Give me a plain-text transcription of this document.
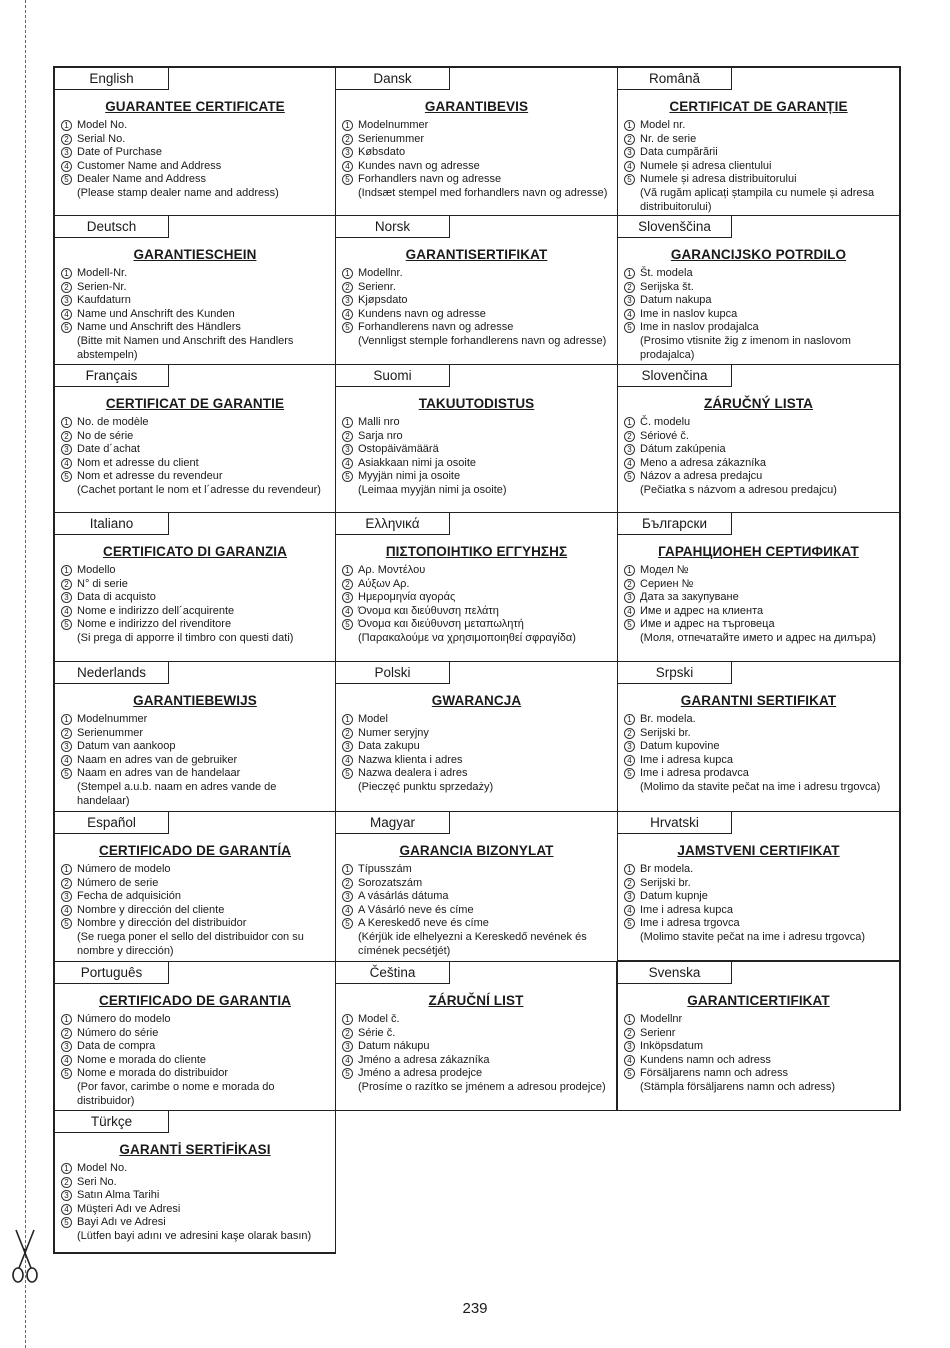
English
GUARANTEE CERTIFICATE
1 Model No.
2 Serial No.
3 Date of Purchase
4 Customer Name and Address
5 Dealer Name and Address
(Please stamp dealer name and address)
Dansk
GARANTIBEVIS
1 Modelnummer
2 Serienummer
3 Købsdato
4 Kundes navn og adresse
5 Forhandlers navn og adresse
(Indsæt stempel med forhandlers navn og adresse)
Română
CERTIFICAT DE GARANȚIE
1 Model nr.
2 Nr. de serie
3 Data cumpărării
4 Numele și adresa clientului
5 Numele și adresa distribuitorului
(Vă rugăm aplicați ștampila cu numele și adresa distribuitorului)
Deutsch
GARANTIESCHEIN
1 Modell-Nr.
2 Serien-Nr.
3 Kaufdaturn
4 Name und Anschrift des Kunden
5 Name und Anschrift des Händlers
(Bitte mit Namen und Anschrift des Handlers abstempeln)
Norsk
GARANTISERTIFIKAT
1 Modellnr.
2 Serienr.
3 Kjøpsdato
4 Kundens navn og adresse
5 Forhandlerens navn og adresse
(Vennligst stemple forhandlerens navn og adresse)
Slovenščina
GARANCIJSKO POTRDILO
1 Št. modela
2 Serijska št.
3 Datum nakupa
4 Ime in naslov kupca
5 Ime in naslov prodajalca
(Prosimo vtisnite žig z imenom in naslovom prodajalca)
Français
CERTIFICAT DE GARANTIE
1 No. de modèle
2 No de série
3 Date d´achat
4 Nom et adresse du client
5 Nom et adresse du revendeur
(Cachet portant le nom et l´adresse du revendeur)
Suomi
TAKUUTODISTUS
1 Malli nro
2 Sarja nro
3 Ostopäivämäärä
4 Asiakkaan nimi ja osoite
5 Myyjän nimi ja osoite
(Leimaa myyjän nimi ja osoite)
Slovenčina
ZÁRUČNÝ LISTA
1 Č. modelu
2 Sériové č.
3 Dátum zakúpenia
4 Meno a adresa zákazníka
5 Názov a adresa predajcu
(Pečiatka s názvom a adresou predajcu)
Italiano
CERTIFICATO DI GARANZIA
1 Modello
2 N° di serie
3 Data di acquisto
4 Nome e indirizzo dell´acquirente
5 Nome e indirizzo del rivenditore
(Si prega di apporre il timbro con questi dati)
Ελληνικά
ΠΙΣΤΟΠΟΙΗΤΙΚΟ ΕΓΓΥΗΣΗΣ
1 Αρ. Μοντέλου
2 Αύξων Αρ.
3 Ημερομηνία αγοράς
4 Όνομα και διεύθυνση πελάτη
5 Όνομα και διεύθυνση μεταπωλητή
(Παρακαλούμε να χρησιμοποιηθεί σφραγίδα)
Български
ГАРАНЦИОНЕН СЕРТИФИКАТ
1 Модел №
2 Сериен №
3 Дата за закупуване
4 Име и адрес на клиента
5 Име и адрес на търговеца
(Моля, отпечатайте името и адрес на дилъра)
Nederlands
GARANTIEBEWIJS
1 Modelnummer
2 Serienummer
3 Datum van aankoop
4 Naam en adres van de gebruiker
5 Naam en adres van de handelaar
(Stempel a.u.b. naam en adres vande de handelaar)
Polski
GWARANCJA
1 Model
2 Numer seryjny
3 Data zakupu
4 Nazwa klienta i adres
5 Nazwa dealera i adres
(Pieczęć punktu sprzedaży)
Srpski
GARANTNI SERTIFIKAT
1 Br. modela.
2 Serijski br.
3 Datum kupovine
4 Ime i adresa kupca
5 Ime i adresa prodavca
(Molimo da stavite pečat na ime i adresu trgovca)
Español
CERTIFICADO DE GARANTÍA
1 Número de modelo
2 Número de serie
3 Fecha de adquisición
4 Nombre y dirección del cliente
5 Nombre y dirección del distribuidor
(Se ruega poner el sello del distribuidor con su nombre y dirección)
Magyar
GARANCIA BIZONYLAT
1 Típusszám
2 Sorozatszám
3 A vásárlás dátuma
4 A Vásárló neve és címe
5 A Kereskedő neve és címe
(Kérjük ide elhelyezni a Kereskedő nevének és címének pecsétjét)
Hrvatski
JAMSTVENI CERTIFIKAT
1 Br modela.
2 Serijski br.
3 Datum kupnje
4 Ime i adresa kupca
5 Ime i adresa trgovca
(Molimo stavite pečat na ime i adresu trgovca)
Português
CERTIFICADO DE GARANTIA
1 Número do modelo
2 Número do série
3 Data de compra
4 Nome e morada do cliente
5 Nome e morada do distribuidor
(Por favor, carimbe o nome e morada do distribuidor)
Čeština
ZÁRUČNÍ LIST
1 Model č.
2 Série č.
3 Datum nákupu
4 Jméno a adresa zákazníka
5 Jméno a adresa prodejce
(Prosíme o razítko se jménem a adresou prodejce)
Svenska
GARANTICERTIFIKAT
1 Modellnr
2 Serienr
3 Inköpsdatum
4 Kundens namn och adress
5 Försäljarens namn och adress
(Stämpla försäljarens namn och adress)
Türkçe
GARANTİ SERTİFİKASI
1 Model No.
2 Seri No.
3 Satın Alma Tarihi
4 Müşteri Adı ve Adresi
5 Bayi Adı ve Adresi
(Lütfen bayi adını ve adresini kaşe olarak basın)
239
